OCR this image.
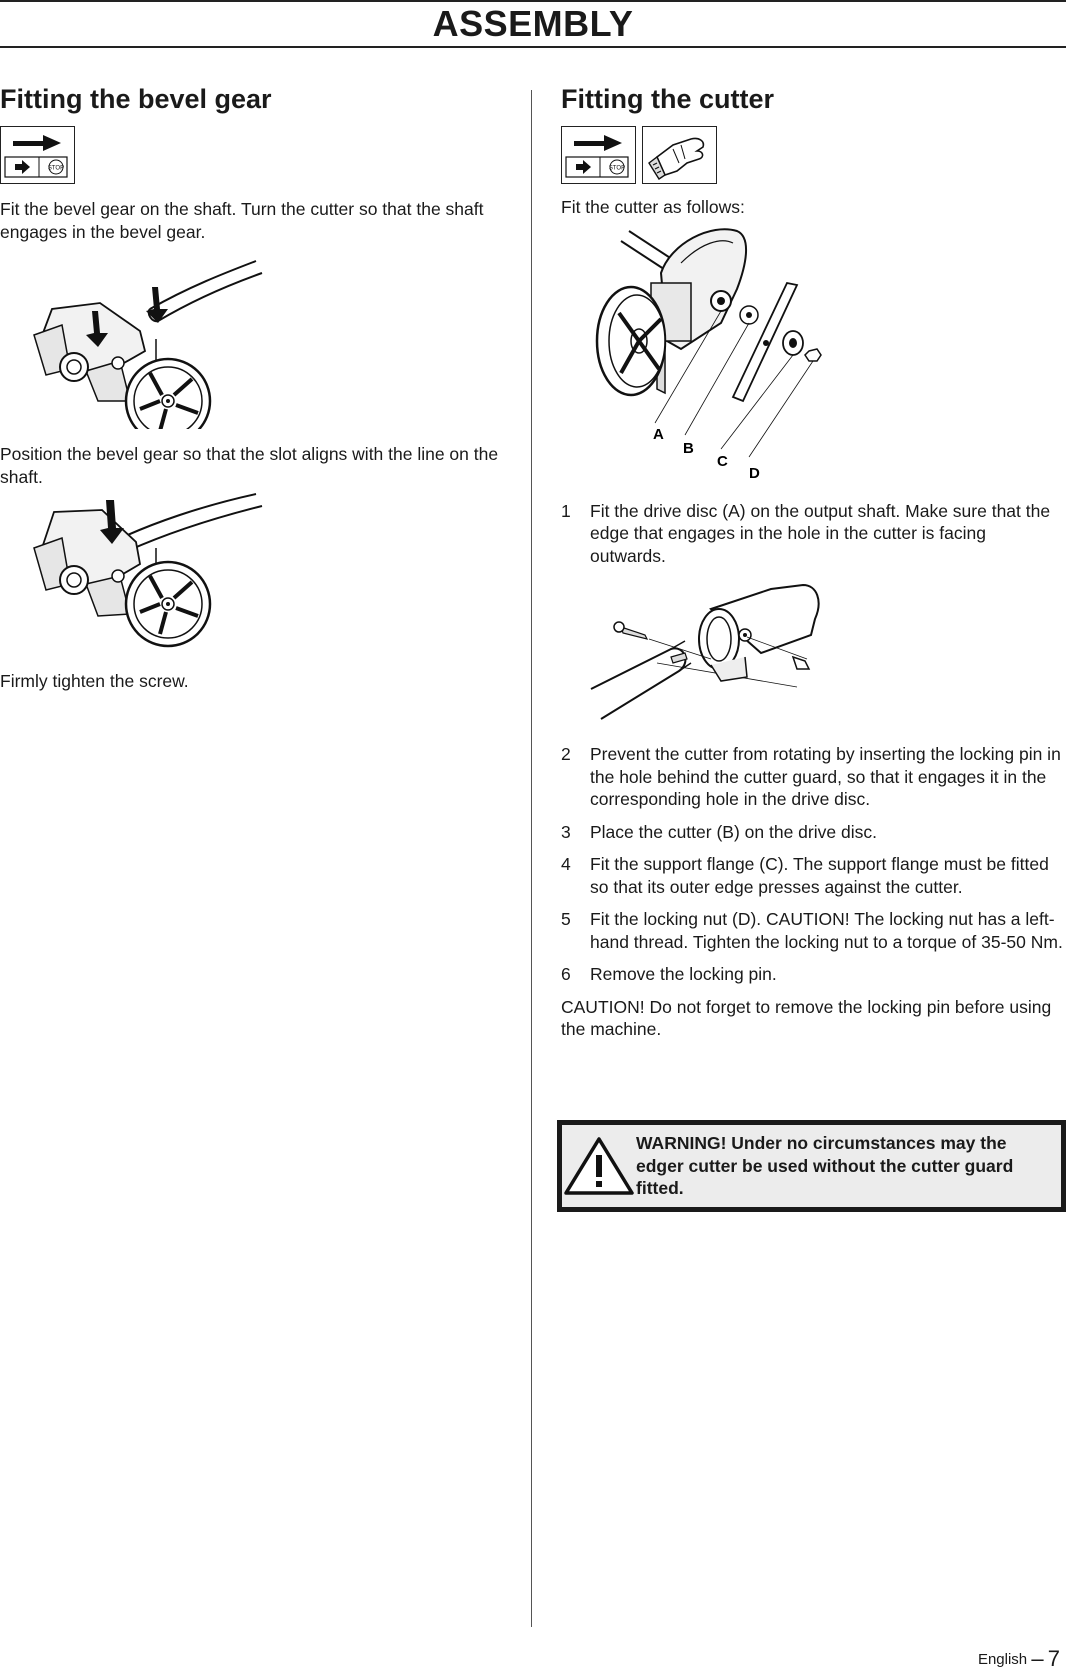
ASSEMBLY
Fitting the bevel gear
STOP

Fit the bevel gear on the shaft. Turn the cutter so that the shaft engages in the bevel gear.

Position the bevel gear so that the slot aligns with the line on the shaft.

Firmly tighten the screw.

Fitting the cutter
STOP

Fit the cutter as follows:

A
B
C
D
1 Fit the drive disc (A) on the output shaft. Make sure that the edge that engages in the hole in the cutter is facing outwards.
2 Prevent the cutter from rotating by inserting the locking pin in the hole behind the cutter guard, so that it engages it in the corresponding hole in the drive disc.
3 Place the cutter (B) on the drive disc.
4 Fit the support flange (C). The support flange must be fitted so that its outer edge presses against the cutter.
5 Fit the locking nut (D). CAUTION! The locking nut has a left-hand thread. Tighten the locking nut to a torque of 35-50 Nm.
6 Remove the locking pin.

CAUTION! Do not forget to remove the locking pin before using the machine.

WARNING! Under no circumstances may the edger cutter be used without the cutter guard fitted.
English – 7
